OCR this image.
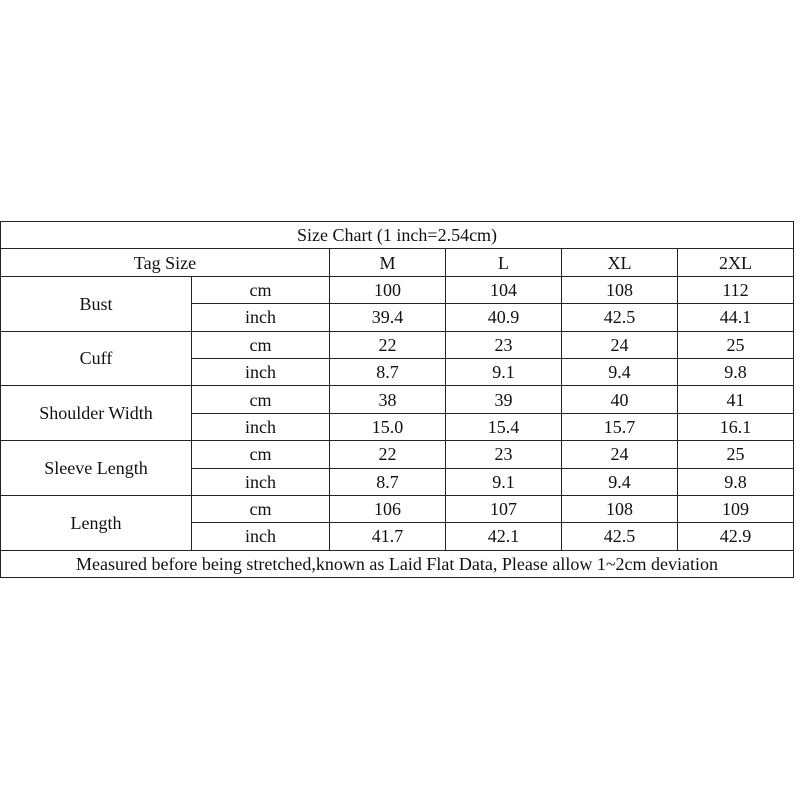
Size Chart (1 inch=2.54cm)					
Tag Size		M	L	XL	2XL
Bust	cm	100	104	108	112
	inch	39.4	40.9	42.5	44.1
Cuff	cm	22	23	24	25
	inch	8.7	9.1	9.4	9.8
Shoulder Width	cm	38	39	40	41
	inch	15.0	15.4	15.7	16.1
Sleeve Length	cm	22	23	24	25
	inch	8.7	9.1	9.4	9.8
Length	cm	106	107	108	109
	inch	41.7	42.1	42.5	42.9
Measured before being stretched,known as Laid Flat Data, Please allow 1~2cm deviation					
